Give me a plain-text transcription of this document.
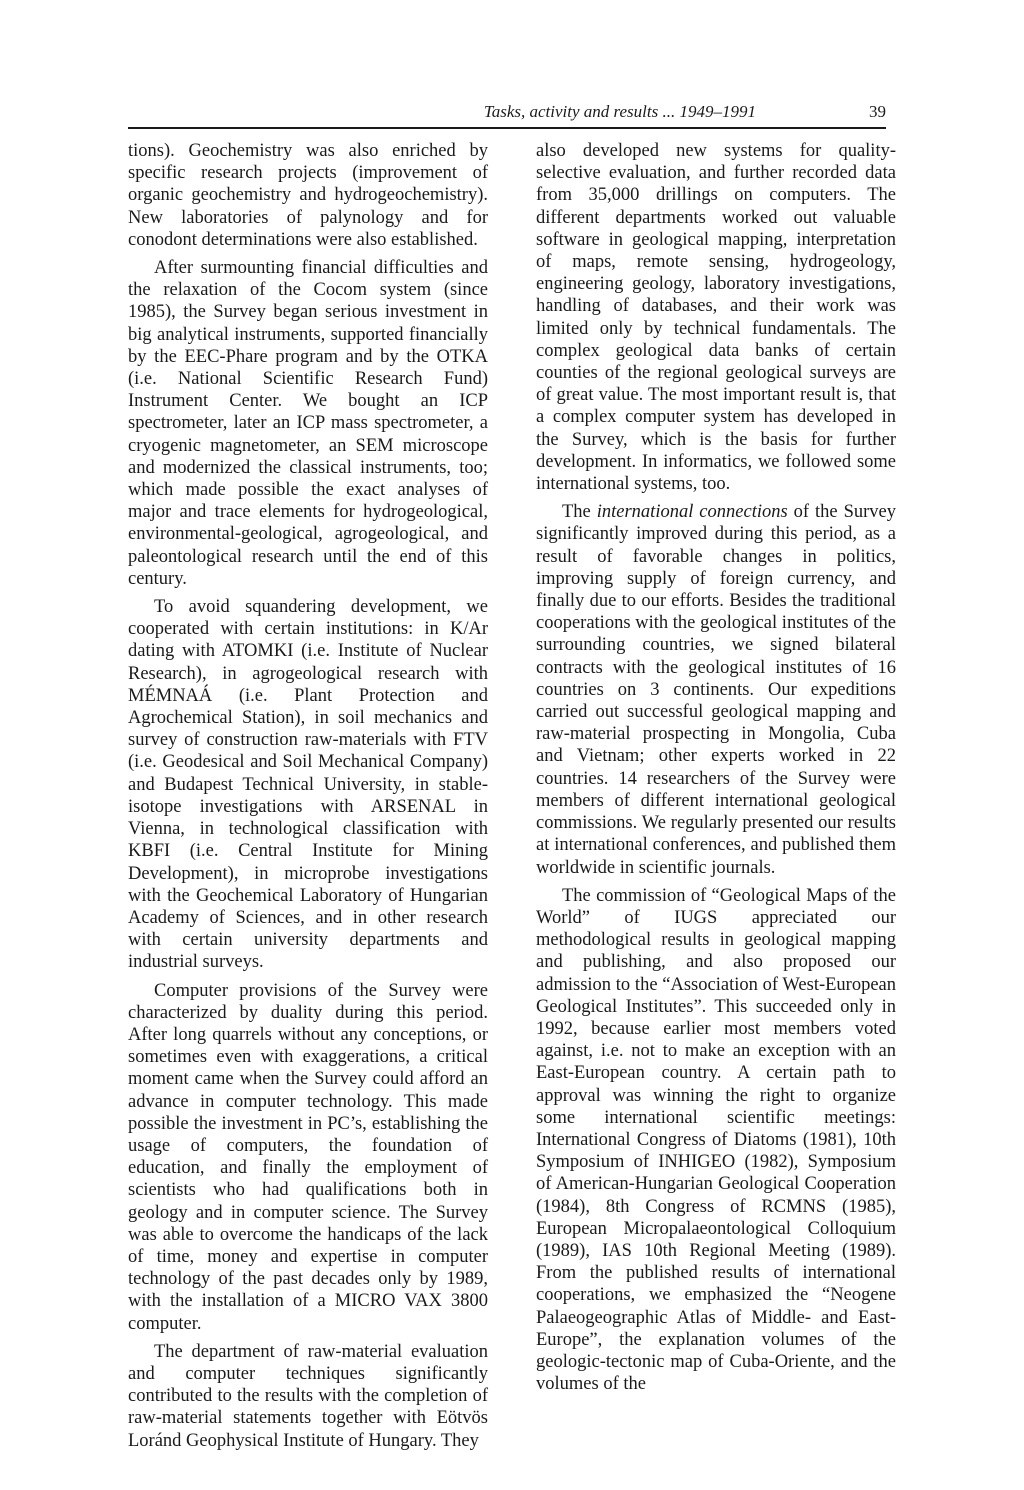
Tasks, activity and results ... 1949–1991	39

tions). Geochemistry was also enriched by specific research projects (improvement of organic geochemistry and hydrogeochemistry). New laboratories of palynology and for conodont determinations were also established.

After surmounting financial difficulties and the relaxation of the Cocom system (since 1985), the Survey began serious investment in big analytical instruments, supported financially by the EEC-Phare program and by the OTKA (i.e. National Scientific Research Fund) Instrument Center. We bought an ICP spectrometer, later an ICP mass spectrometer, a cryogenic magnetometer, an SEM microscope and modernized the classical instruments, too; which made possible the exact analyses of major and trace elements for hydrogeological, environmental-geological, agrogeological, and paleontological research until the end of this century.

To avoid squandering development, we cooperated with certain institutions: in K/Ar dating with ATOMKI (i.e. Institute of Nuclear Research), in agrogeological research with MÉMNAÁ (i.e. Plant Protection and Agrochemical Station), in soil mechanics and survey of construction raw-materials with FTV (i.e. Geodesical and Soil Mechanical Company) and Budapest Technical University, in stable-isotope investigations with ARSENAL in Vienna, in technological classification with KBFI (i.e. Central Institute for Mining Development), in microprobe investigations with the Geochemical Laboratory of Hungarian Academy of Sciences, and in other research with certain university departments and industrial surveys.

Computer provisions of the Survey were characterized by duality during this period. After long quarrels without any conceptions, or sometimes even with exaggerations, a critical moment came when the Survey could afford an advance in computer technology. This made possible the investment in PC’s, establishing the usage of computers, the foundation of education, and finally the employment of scientists who had qualifications both in geology and in computer science. The Survey was able to overcome the handicaps of the lack of time, money and expertise in computer technology of the past decades only by 1989, with the installation of a MICRO VAX 3800 computer.

The department of raw-material evaluation and computer techniques significantly contributed to the results with the completion of raw-material statements together with Eötvös Loránd Geophysical Institute of Hungary. They

also developed new systems for quality-selective evaluation, and further recorded data from 35,000 drillings on computers. The different departments worked out valuable software in geological mapping, interpretation of maps, remote sensing, hydrogeology, engineering geology, laboratory investigations, handling of databases, and their work was limited only by technical fundamentals. The complex geological data banks of certain counties of the regional geological surveys are of great value. The most important result is, that a complex computer system has developed in the Survey, which is the basis for further development. In informatics, we followed some international systems, too.

The international connections of the Survey significantly improved during this period, as a result of favorable changes in politics, improving supply of foreign currency, and finally due to our efforts. Besides the traditional cooperations with the geological institutes of the surrounding countries, we signed bilateral contracts with the geological institutes of 16 countries on 3 continents. Our expeditions carried out successful geological mapping and raw-material prospecting in Mongolia, Cuba and Vietnam; other experts worked in 22 countries. 14 researchers of the Survey were members of different international geological commissions. We regularly presented our results at international conferences, and published them worldwide in scientific journals.

The commission of “Geological Maps of the World” of IUGS appreciated our methodological results in geological mapping and publishing, and also proposed our admission to the “Association of West-European Geological Institutes”. This succeeded only in 1992, because earlier most members voted against, i.e. not to make an exception with an East-European country. A certain path to approval was winning the right to organize some international scientific meetings: International Congress of Diatoms (1981), 10th Symposium of INHIGEO (1982), Symposium of American-Hungarian Geological Cooperation (1984), 8th Congress of RCMNS (1985), European Micropalaeontological Colloquium (1989), IAS 10th Regional Meeting (1989). From the published results of international cooperations, we emphasized the “Neogene Palaeogeographic Atlas of Middle- and East-Europe”, the explanation volumes of the geologic-tectonic map of Cuba-Oriente, and the volumes of the
